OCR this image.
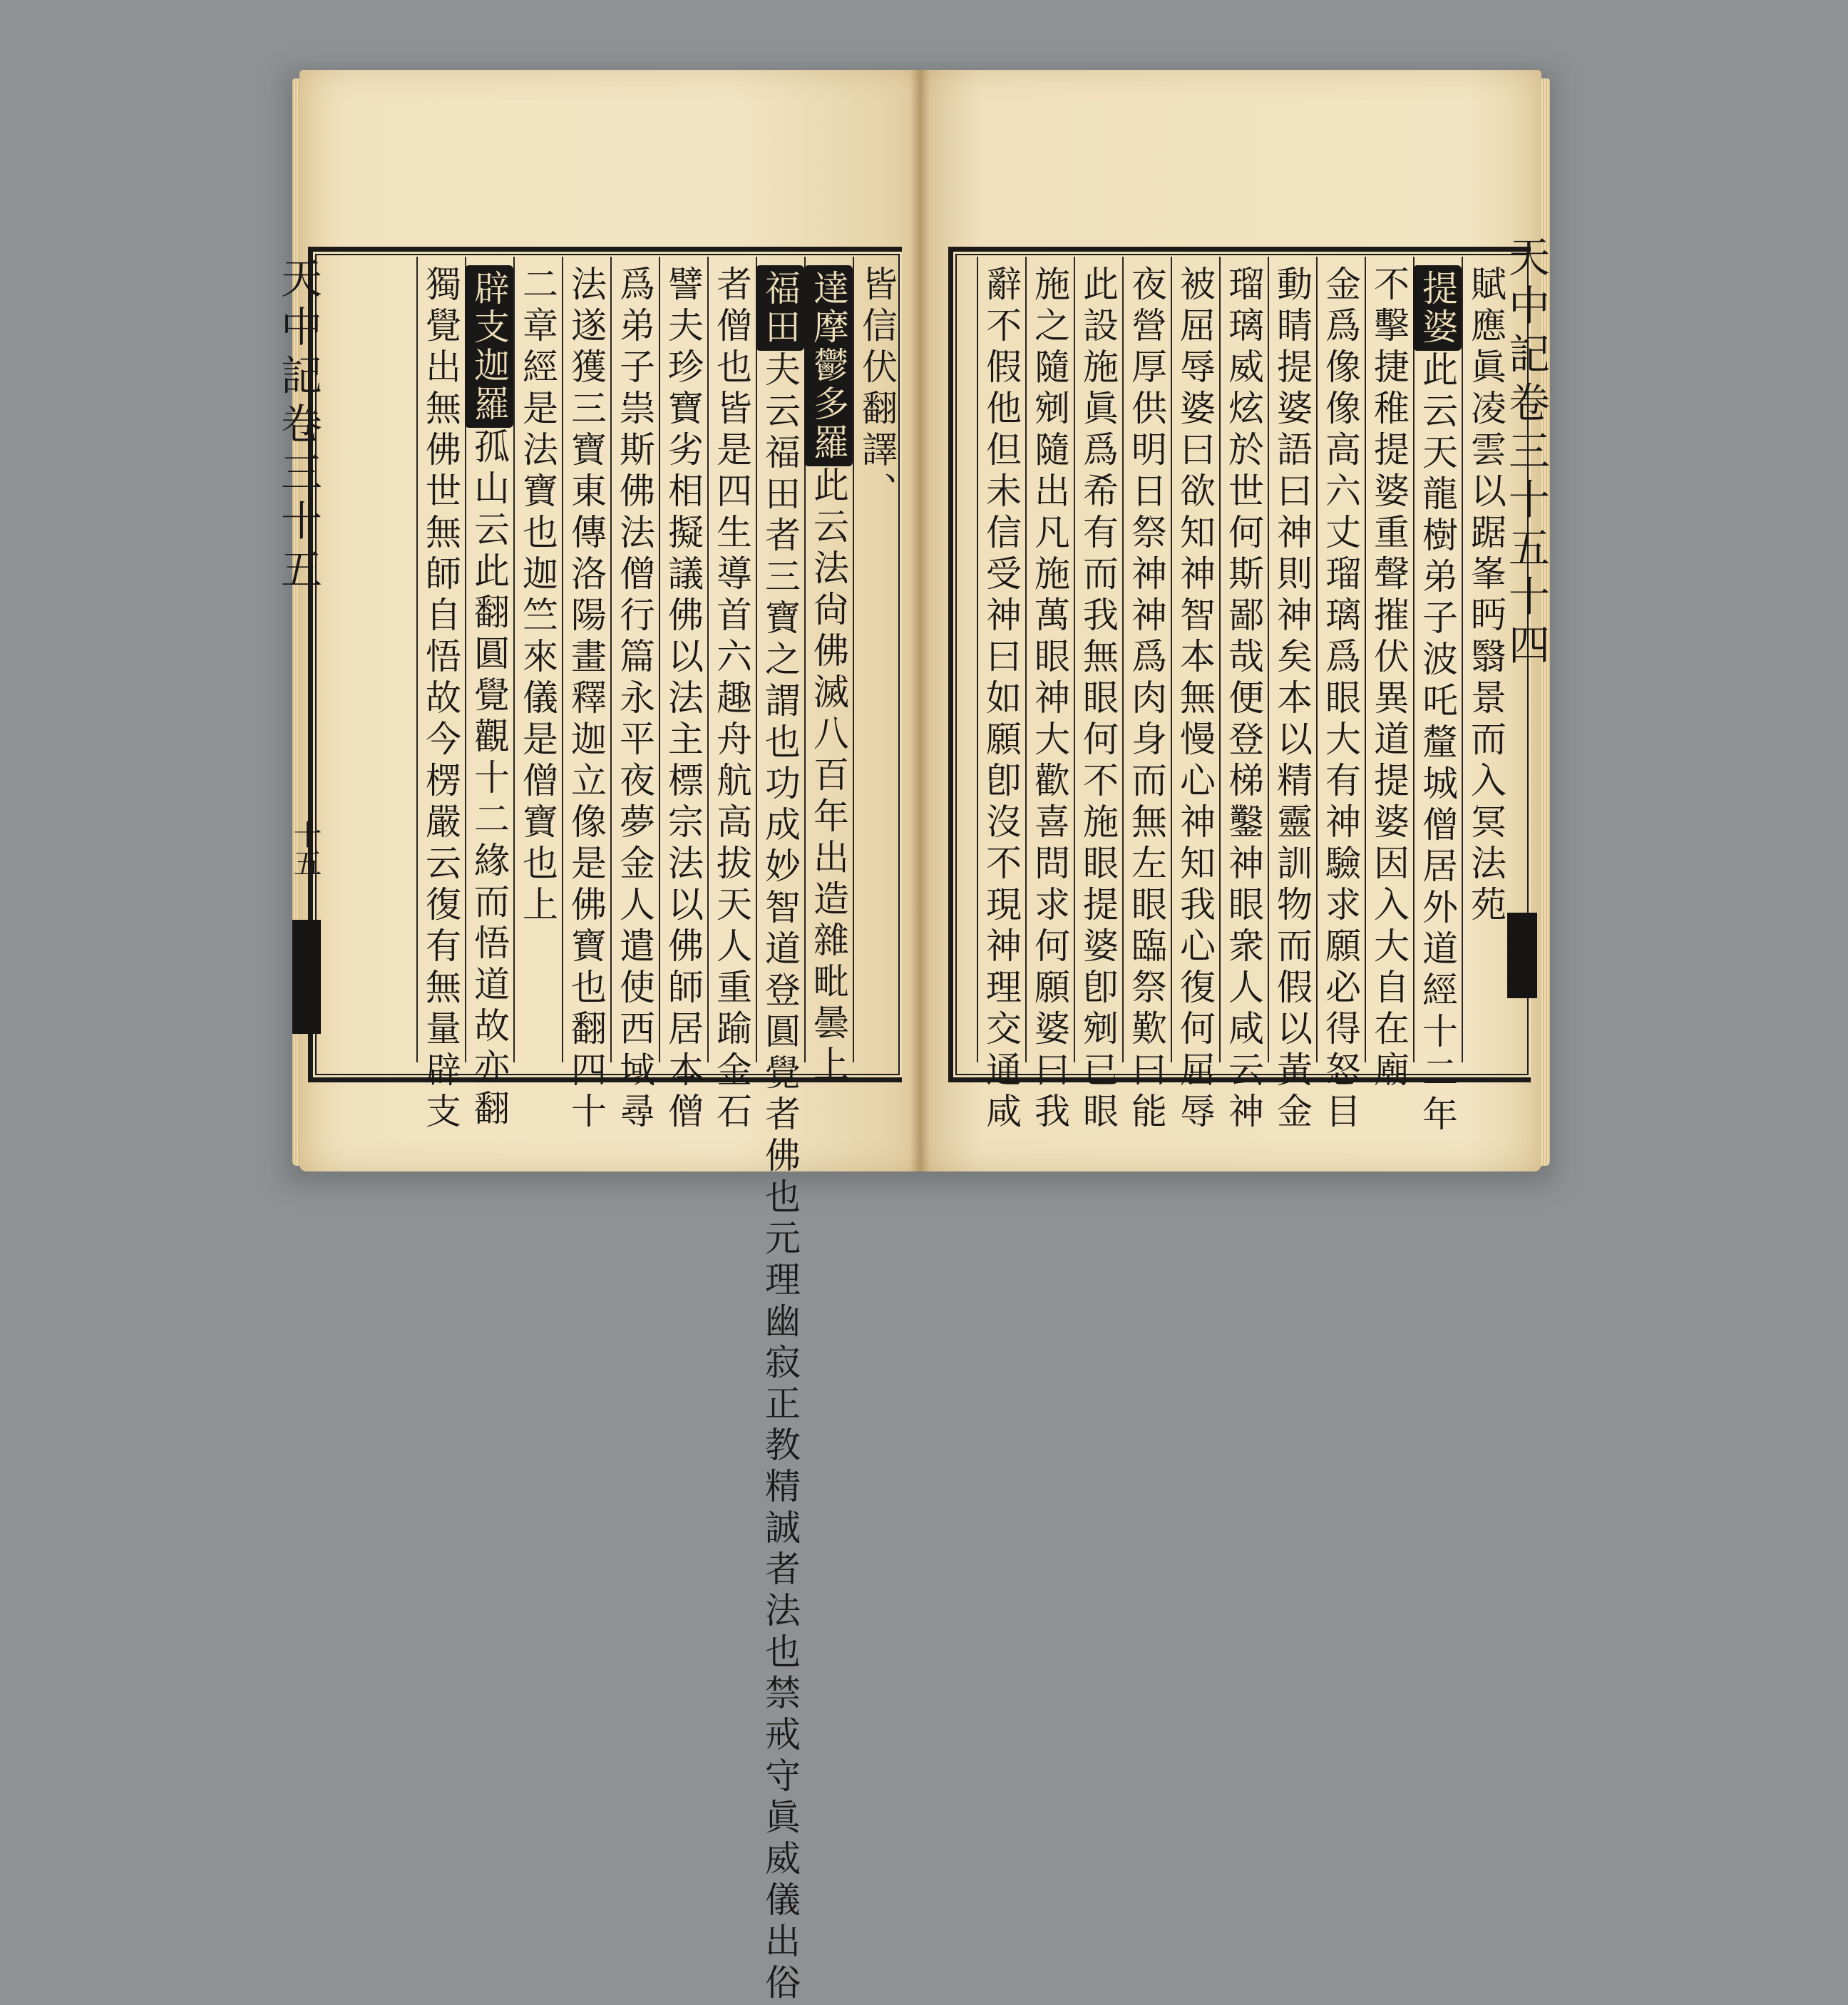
天中記卷三十五
天中記卷三十五十四
皆信伏翻譯、
達摩鬱多羅此云法尙佛滅八百年出造雜毗曇上
福田夫云福田者三寶之謂也功成妙智道登圓覺者佛也元理幽寂正教精誠者法也禁戒守眞威儀出俗
者僧也皆是四生導首六趣舟航高拔天人重踰金石
譬夫珍寶劣相擬議佛以法主標宗法以佛師居本僧
爲弟子祟斯佛法僧行篇永平夜夢金人遣使西域尋
法遂獲三寶東傳洛陽畫釋迦立像是佛寶也翻四十
二章經是法寶也迦竺來儀是僧寶也上
辟支迦羅孤山云此翻圓覺觀十二緣而悟道故亦翻
獨覺出無佛世無師自悟故今楞嚴云復有無量辟支	賦應眞凌雲以踞峯眄翳景而入冥法苑
提婆此云天龍樹弟子波吒釐城僧居外道經十二年
不擊捷稚提婆重聲摧伏異道提婆因入大自在廟
金爲像像高六丈瑠璃爲眼大有神驗求願必得怒目
動睛提婆語曰神則神矣本以精靈訓物而假以黃金
瑠璃威炫於世何斯鄙哉便登梯鑿神眼衆人咸云神
被屈辱婆曰欲知神智本無慢心神知我心復何屈辱
夜營厚供明日祭神神爲肉身而無左眼臨祭歎曰能
此設施眞爲希有而我無眼何不施眼提婆卽剜已眼
施之隨剜隨出凡施萬眼神大歡喜問求何願婆曰我
辭不假他但未信受神曰如願卽沒不現神理交通咸
十五
